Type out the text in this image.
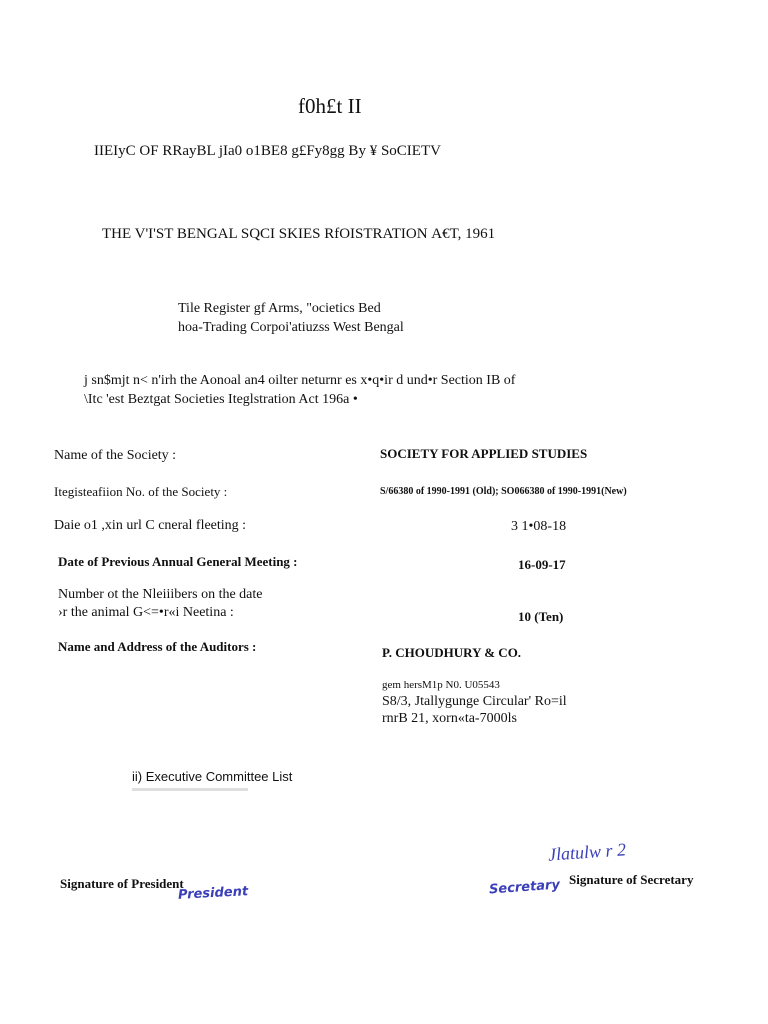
f0h£t II
IIEIyC OF RRayBL jIa0 o1BE8 g£Fy8gg By ¥ SoCIETV
THE V'I'ST BENGAL SQCI SKIES RfOISTRATIOΝ A€T, 1961
Tile Register gf Arms, "ocietics Bed
hoa-Trading Corpoi'atiuzss West Bengal
j sn$mjt n< n'irh the Aonoal an4 oilter neturnr es x•q•ir d und•r Section IB of
\Itc 'est Beztgat Societies Iteglstration Act 196a •
Name of the Society :	SOCIETY FOR APPLIED STUDIES
Itegisteafiion No. of the Society :	S/66380 of 1990-1991 (Old); SO066380 of 1990-1991(New)
Daie o1 ,xin url C cneral fleeting :	3 1•08-18
Date of Previous Annual General Meeting :	16-09-17
Number ot the Nleiiibers on the date
›r the animal G<=•r«i Neetina :	10 (Ten)
Name and Address of the Auditors :	P. CHOUDHURY & CO.
gem hersM1p N0. U05543
S8/3, Jtallygunge Circular' Ro=il
rnrB 21, xorn«ta-7000ls
ii) Executive Committee List
Jlatulw r 2
Signature of President
President	Secretary Signature of Secretary
